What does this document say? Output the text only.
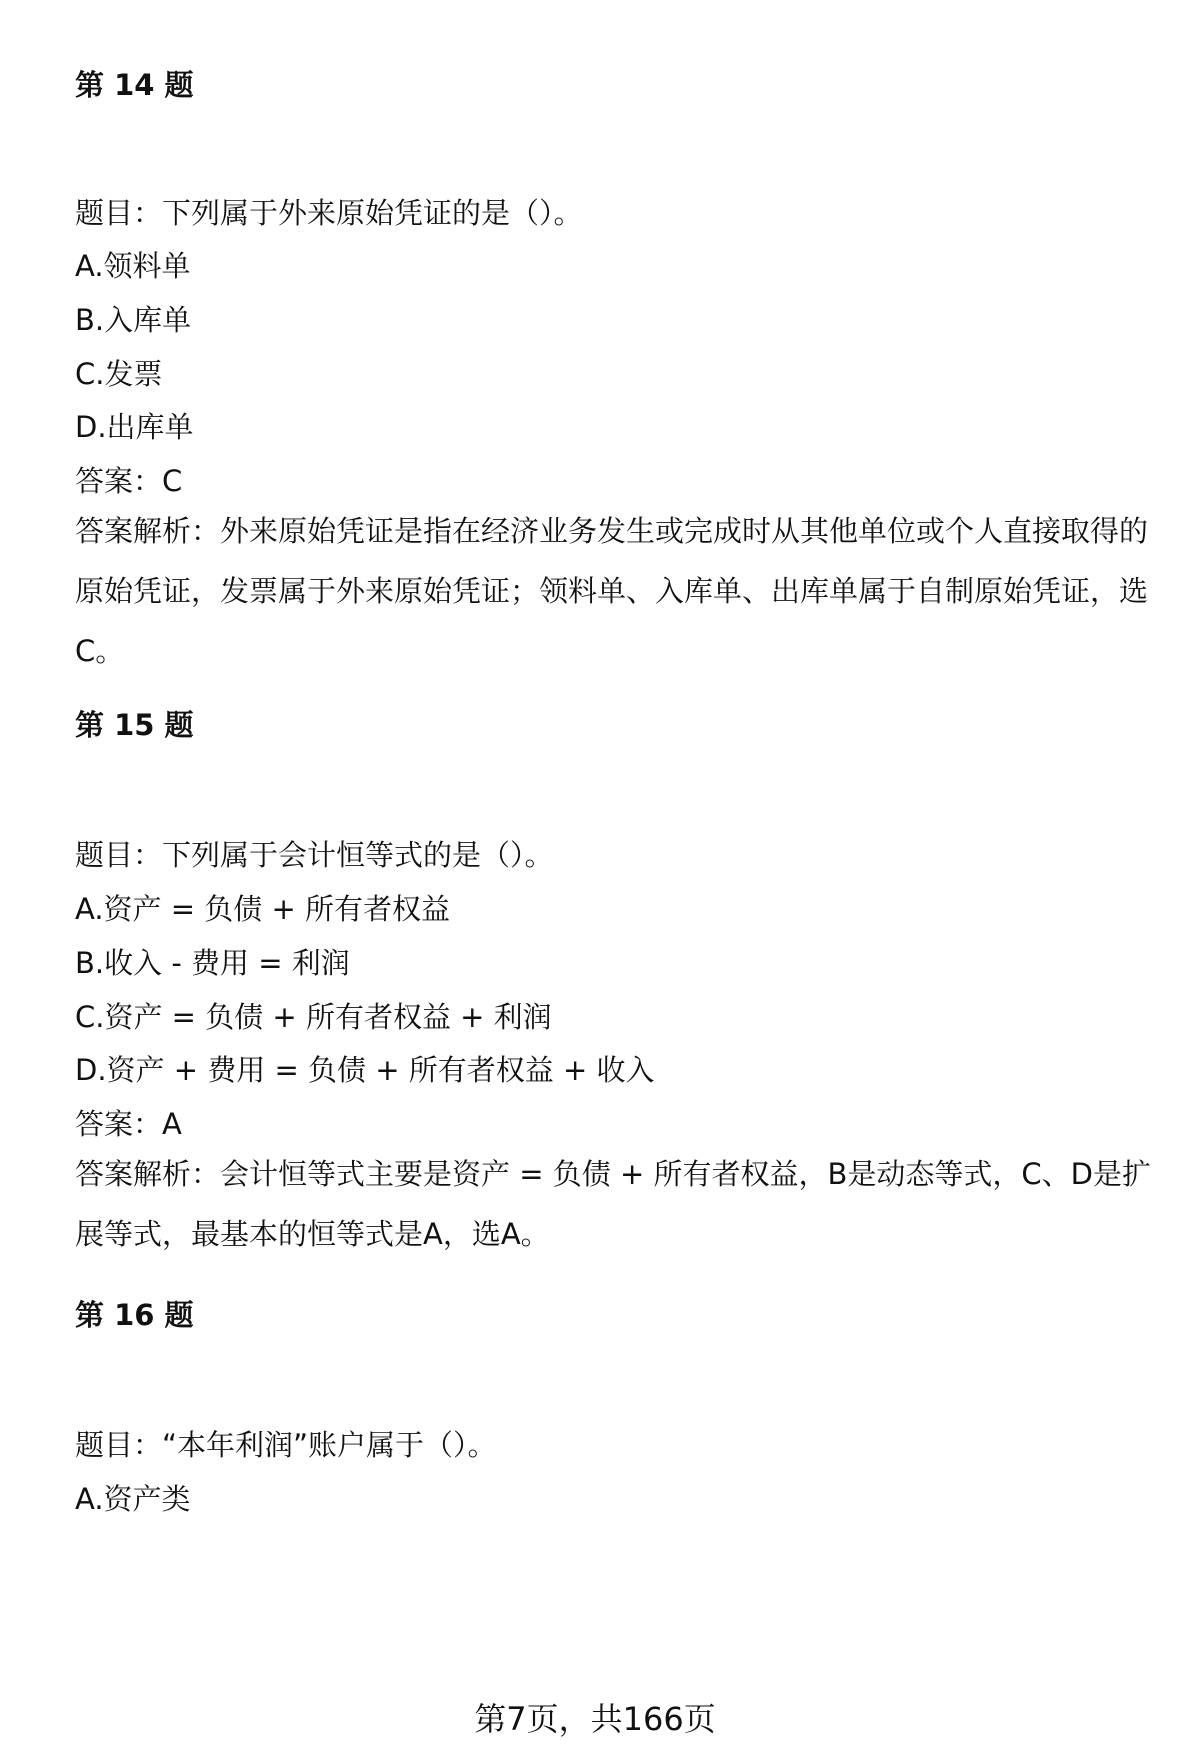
第 14 题
题目：下列属于外来原始凭证的是（）。
A.领料单
B.入库单
C.发票
D.出库单
答案：C
答案解析：外来原始凭证是指在经济业务发生或完成时从其他单位或个人直接取得的原始凭证，发票属于外来原始凭证；领料单、入库单、出库单属于自制原始凭证，选C。
第 15 题
题目：下列属于会计恒等式的是（）。
A.资产 = 负债 + 所有者权益
B.收入 - 费用 = 利润
C.资产 = 负债 + 所有者权益 + 利润
D.资产 + 费用 = 负债 + 所有者权益 + 收入
答案：A
答案解析：会计恒等式主要是资产 = 负债 + 所有者权益，B是动态等式，C、D是扩展等式，最基本的恒等式是A，选A。
第 16 题
题目：“本年利润”账户属于（）。
A.资产类
第7页，共166页
